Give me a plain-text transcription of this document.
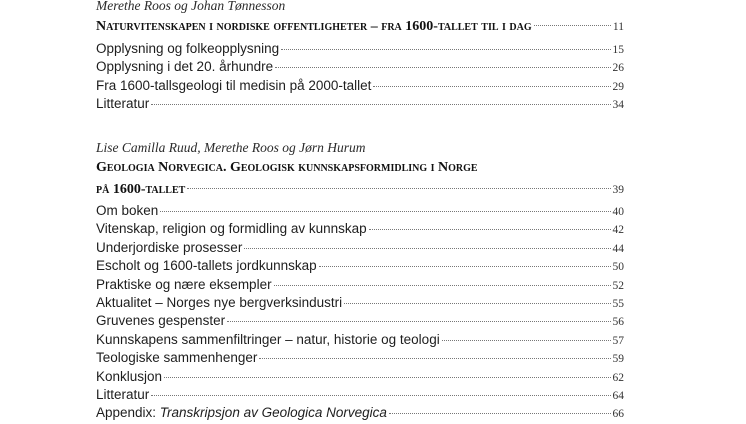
Merethe Roos og Johan Tønnesson
Naturvitenskapen i nordiske offentligheter – fra 1600-tallet til i dag	11
Opplysning og folkeopplysning	15
Opplysning i det 20. århundre	26
Fra 1600-tallsgeologi til medisin på 2000-tallet	29
Litteratur	34
Lise Camilla Ruud, Merethe Roos og Jørn Hurum
Geologia Norvegica. Geologisk kunnskapsformidling i Norge
på 1600-tallet	39
Om boken	40
Vitenskap, religion og formidling av kunnskap	42
Underjordiske prosesser	44
Escholt og 1600-tallets jordkunnskap	50
Praktiske og nære eksempler	52
Aktualitet – Norges nye bergverksindustri	55
Gruvenes gespenster	56
Kunnskapens sammenfiltringer – natur, historie og teologi	57
Teologiske sammenhenger	59
Konklusjon	62
Litteratur	64
Appendix: Transkripsjon av Geologica Norvegica	66
